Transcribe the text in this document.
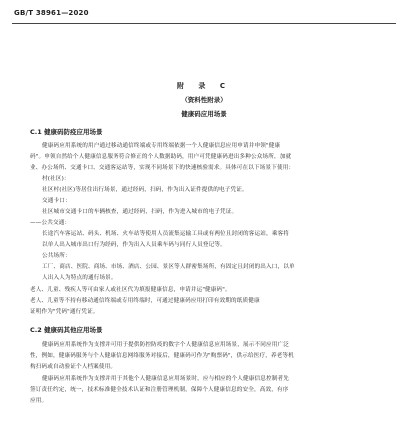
GB/T 38961—2020
附 录 C
（资料性附录）
健康码应用场景
C.1 健康码防疫应用场景
健康码应用系统的用户通过移动通信终端或专用终端依据一个人健康信息应用申请并申领"健康
码"。申领自然给个人健康信息服务符合修正的个人数据助码，用户可凭健康码进出多种公众场所，加就
业、办公场所、交通卡口、交通客运站等，实现不同场景下的快速核验需求。具体可在以下场景下使用：
村(社区)：
社区村(社区)等居住出行场景，通过经码，扫码，作为出入证件提供的电子凭证。
交通卡口：
社区城市交通卡口的车辆核查，通过经码，扫码，作为进入城市的电子凭证。
——公共交通：
长途汽车客运站、码头、机场、火车站等使用人员流集运输工具或有两位且封闭的客运站，乘客将
以单人出入城市出口行为经码，作为出入人员乘车码与同行人员登记等。
公共场所：
工厂、商店、医院、商场、市场、酒店、公园、景区等人群密集场所，有固定且封闭的出入口，以单
人出入人为特点的通行场景。
老人、儿童、残疾人等可由家人或社区代为填报健康信息，申请并运"健康码"。
老人、儿童等不持有移动通信终端或专用终端时，可通过健康码应用打印有效期的纸质健康
证明作为"凭码"通行凭证。
C.2 健康码其他应用场景
健康码应用系统作为支撑并可用于提供防控防疫的数字个人健康信息应用场景，展示不同应用广泛
性，例如，健康码服务与个人健康信息网络服务对接后，健康码可作为"购票码"，供示给医疗，养老等机
构扫码或自动验证个人档案使用。
健康码应用系统作为支撑并用于其他个人健康信息应用场景时，应与相应的个人健康信息控制者先
签订责任约定，统一，技术标准健全技术认证和注册管理机制，保障个人健康信息的安全，高效，有序
应用。
